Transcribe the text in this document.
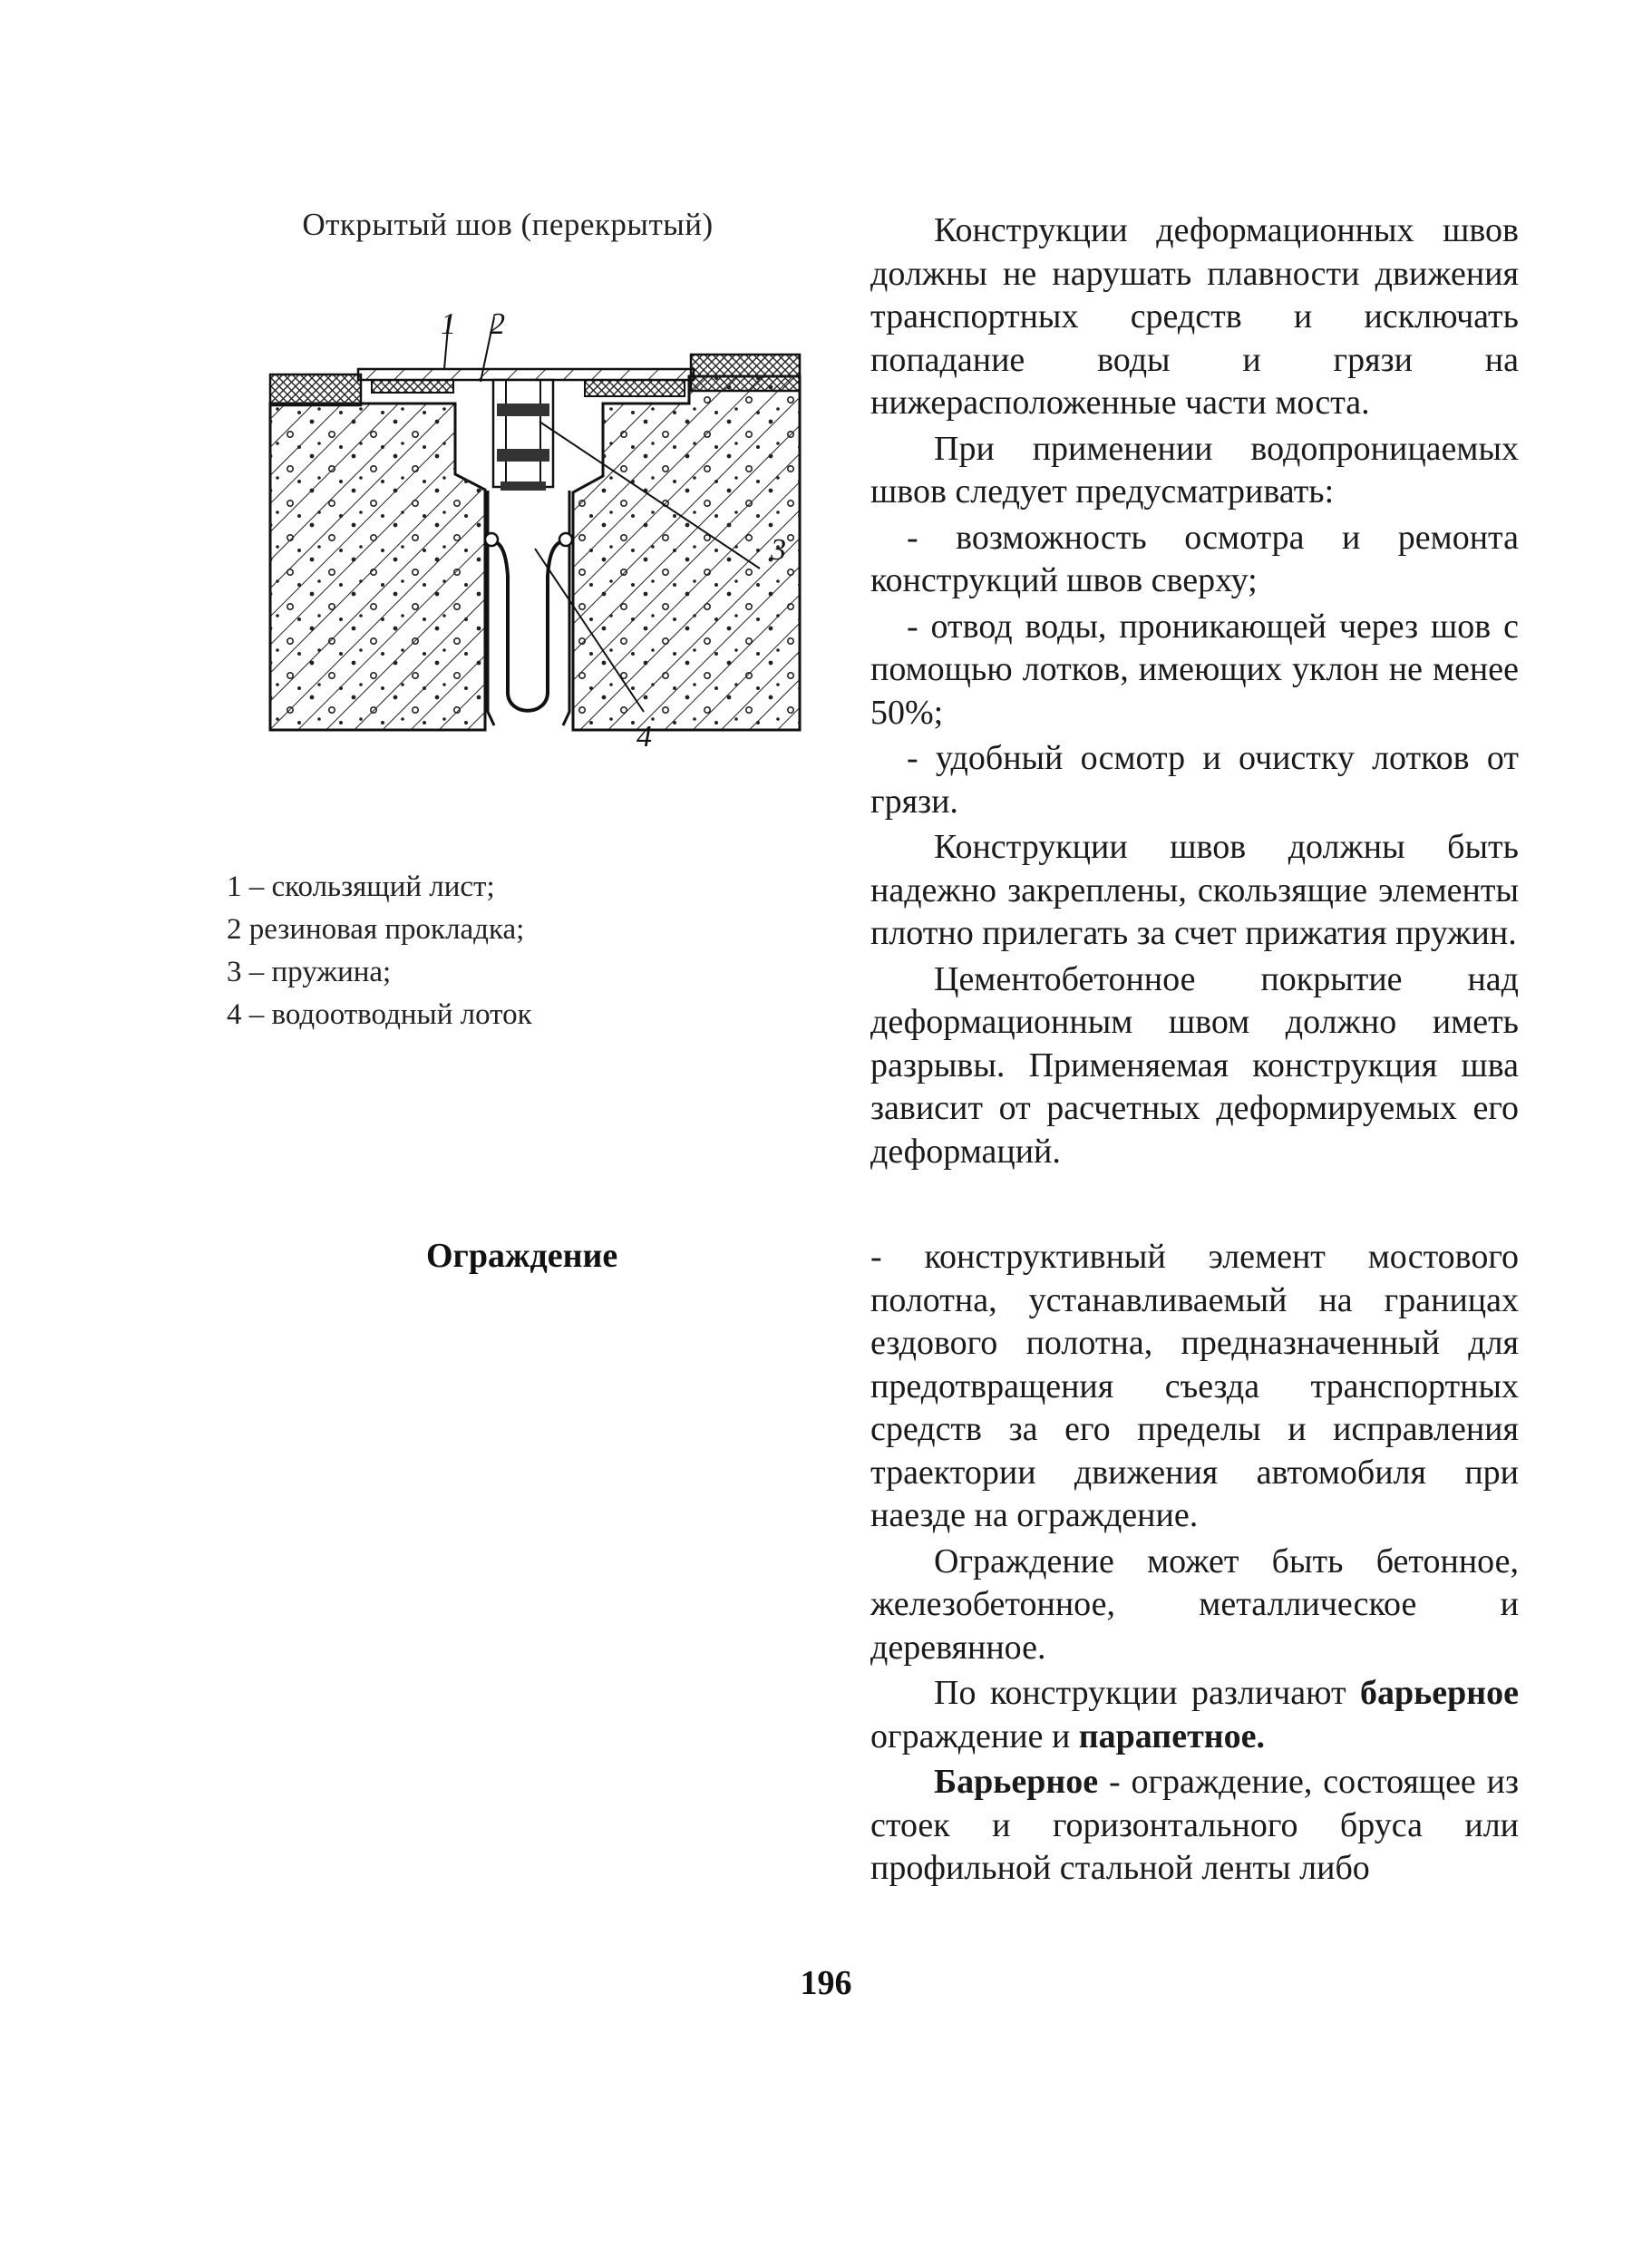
Открытый шов (перекрытый)
1 2
3
4
1 – скользящий лист;
2 резиновая прокладка;
3 – пружина;
4 – водоотводный лоток

Конструкции деформационных швов должны не нарушать плавности движения транспортных средств и исключать попадание воды и грязи на нижерасположенные части моста.

При применении водопроницаемых швов следует предусматривать:

- возможность осмотра и ремонта конструкций швов сверху;

- отвод воды, проникающей через шов с помощью лотков, имеющих уклон не менее 50%;

- удобный осмотр и очистку лотков от грязи.

Конструкции швов должны быть надежно закреплены, скользящие элементы плотно прилегать за счет прижатия пружин.

Цементобетонное покрытие над деформационным швом должно иметь разрывы. Применяемая конструкция шва зависит от расчетных деформируемых его деформаций.

Ограждение	- конструктивный элемент мостового полотна, устанавливаемый на границах ездового полотна, предназначенный для предотвращения съезда транспортных средств за его пределы и исправления траектории движения автомобиля при наезде на ограждение.

Ограждение может быть бетонное, железобетонное, металлическое и деревянное.

По конструкции различают барьерное ограждение и парапетное.

Барьерное - ограждение, состоящее из стоек и горизонтального бруса или профильной стальной ленты либо

196
